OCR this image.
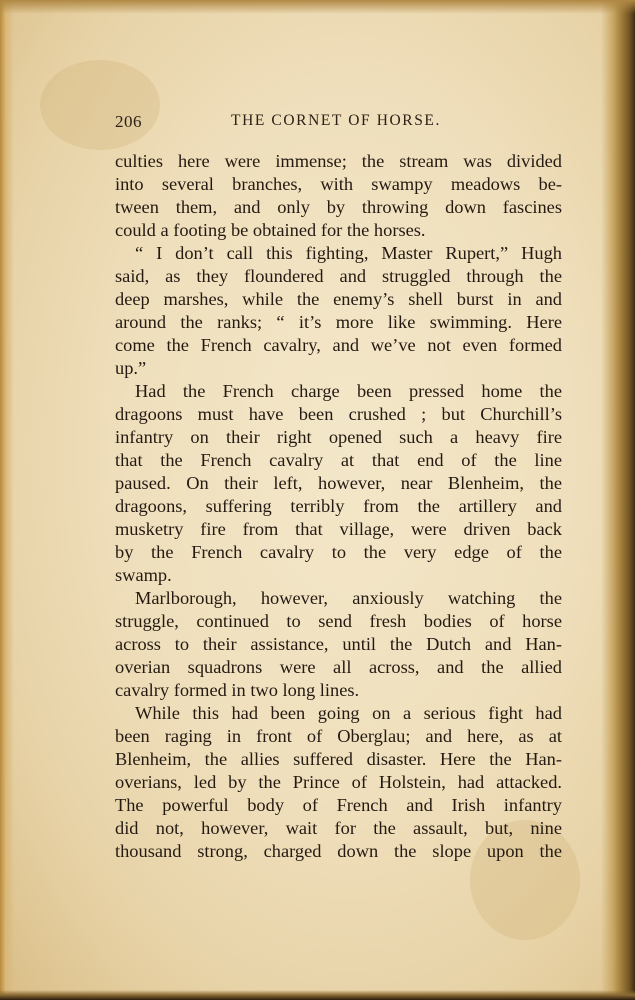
206	THE CORNET OF HORSE.
culties here were immense; the stream was divided
into several branches, with swampy meadows be-
tween them, and only by throwing down fascines
could a footing be obtained for the horses.
“ I don’t call this fighting, Master Rupert,” Hugh
said, as they floundered and struggled through the
deep marshes, while the enemy’s shell burst in and
around the ranks; “ it’s more like swimming. Here
come the French cavalry, and we’ve not even formed
up.”
Had the French charge been pressed home the
dragoons must have been crushed ; but Churchill’s
infantry on their right opened such a heavy fire
that the French cavalry at that end of the line
paused. On their left, however, near Blenheim, the
dragoons, suffering terribly from the artillery and
musketry fire from that village, were driven back
by the French cavalry to the very edge of the
swamp.
Marlborough, however, anxiously watching the
struggle, continued to send fresh bodies of horse
across to their assistance, until the Dutch and Han-
overian squadrons were all across, and the allied
cavalry formed in two long lines.
While this had been going on a serious fight had
been raging in front of Oberglau; and here, as at
Blenheim, the allies suffered disaster. Here the Han-
overians, led by the Prince of Holstein, had attacked.
The powerful body of French and Irish infantry
did not, however, wait for the assault, but, nine
thousand strong, charged down the slope upon the
